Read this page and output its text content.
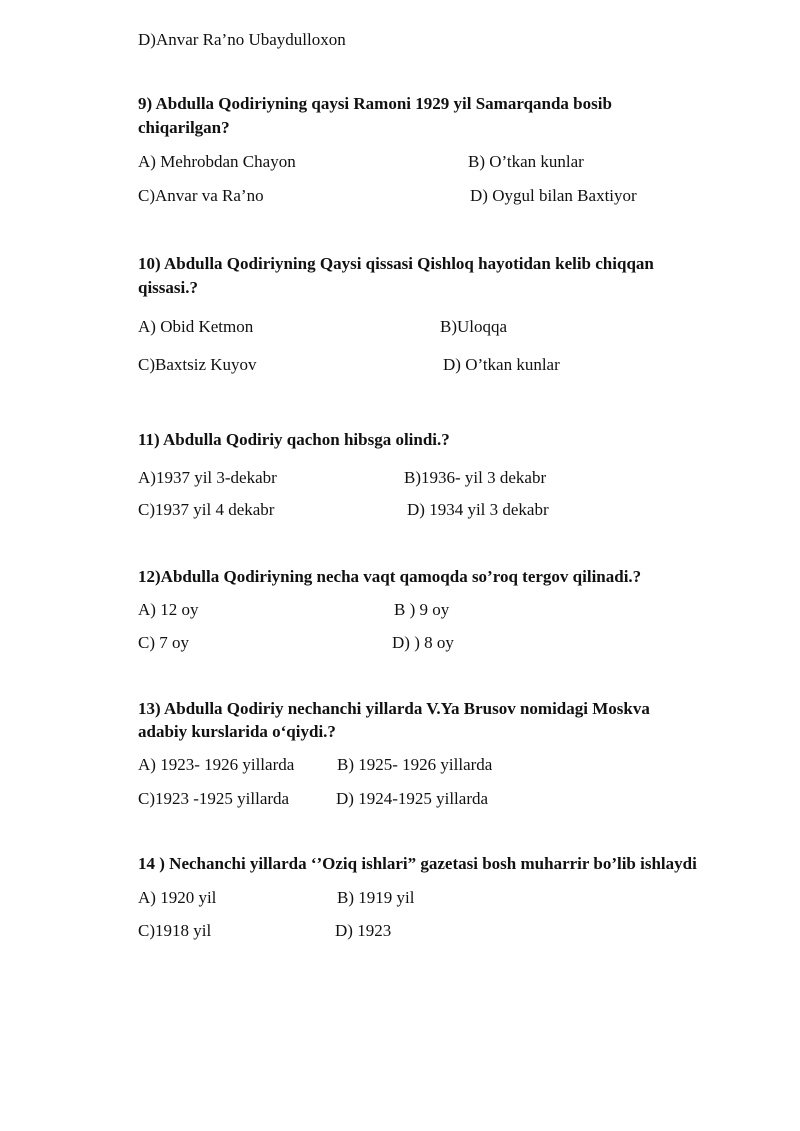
D)Anvar Ra’no Ubaydulloxon
9) Abdulla Qodiriyning qaysi Ramoni 1929 yil Samarqanda bosib
chiqarilgan?
A) Mehrobdan Chayon	B) O’tkan kunlar
C)Anvar va Ra’no	D) Oygul bilan Baxtiyor
10) Abdulla Qodiriyning Qaysi qissasi Qishloq hayotidan kelib chiqqan
qissasi.?
A) Obid Ketmon	B)Uloqqa
C)Baxtsiz Kuyov	D) O’tkan kunlar
11) Abdulla Qodiriy qachon hibsga olindi.?
A)1937 yil 3-dekabr	B)1936- yil 3 dekabr
C)1937 yil 4 dekabr	D) 1934 yil 3 dekabr
12)Abdulla Qodiriyning necha vaqt qamoqda so’roq tergov qilinadi.?
A) 12 oy	B ) 9 oy
C) 7 oy	D) ) 8 oy
13) Abdulla Qodiriy nechanchi yillarda V.Ya Brusov nomidagi Moskva
adabiy kurslarida o‘qiydi.?
A) 1923- 1926 yillarda	B) 1925- 1926 yillarda
C)1923 -1925 yillarda	D) 1924-1925 yillarda
14 ) Nechanchi yillarda ‘’Oziq ishlari” gazetasi bosh muharrir bo’lib ishlaydi
A) 1920 yil	B) 1919 yil
C)1918 yil	D) 1923
